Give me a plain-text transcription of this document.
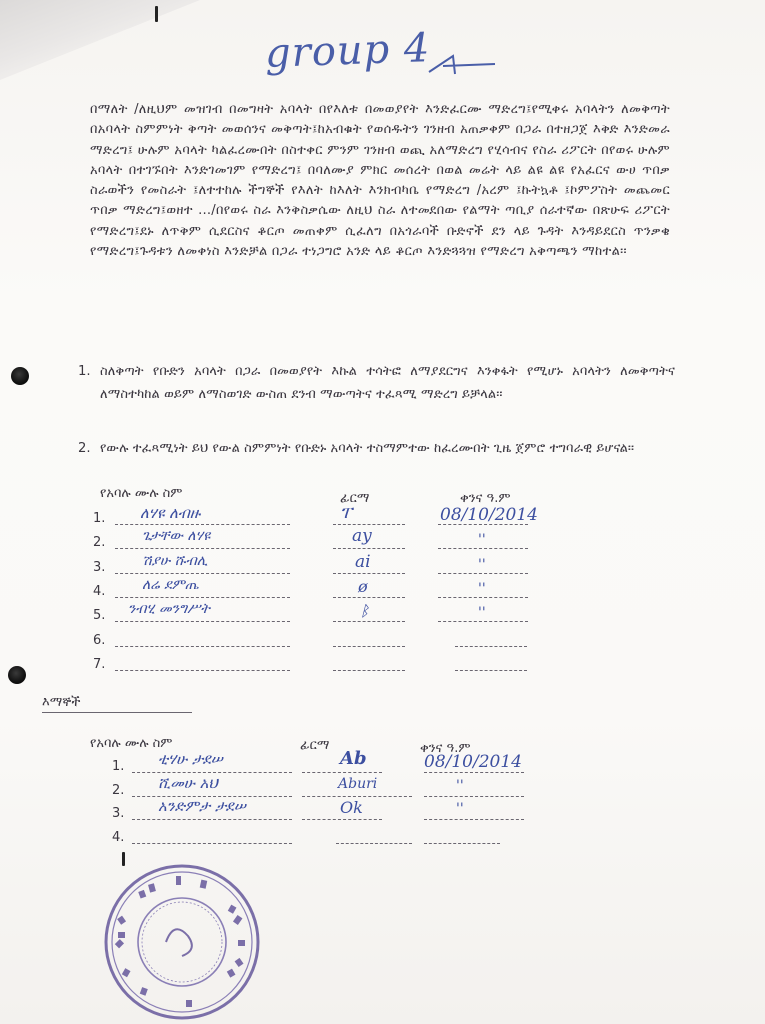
group 4
በማለት /ለዚህም መዝገብ በመግዛት አባላት በየእለቱ በመወያየት እንድፈርሙ ማድረግ፤የሚቀሩ አባላትን ለመቅጣት በአባላት ስምምነት ቅጣት መወሰንና መቅጣት፤ከአብቁት የወሰዱትን ገንዘብ አጠቃቀም በጋራ በተዘጋጀ እቅድ እንድመራ ማድረግ፤ ሁሉም አባላት ካልፈረሙበት በስተቀር ምንም ገንዘብ ወጪ አለማድረግ የሂሳብና የስራ ሪፖርት በየወሩ ሁሉም አባላት በተገኙበት እንድገመገም የማድረግ፤ በባለሙያ ምክር መሰረት በወል መሬት ላይ ልዩ ልዩ የአፈርና ውሀ ጥበቃ ስራወችን የመስራት ፤ለተተከሉ ችግኞች የእለት ከእለት እንክብካቤ የማድረግ /አረም ፤ኩትኳቶ ፤ኮምፖስት መጨመር ጥበቃ ማድረግ፤ወዘተ .../በየወሩ ስራ እንቅስቃሴው ለዚህ ስራ ለተመደበው የልማት ጣቢያ ሰራተኛው በጽሁፍ ሪፖርት የማድረግ፤ደኑ ለጥቅም ሲደርስና ቆርጦ መጠቀም ሲፈለግ በአጎራባች ቡድኖች ደን ላይ ጉዳት እንዳይደርስ ጥንቃቄ የማድረግ፤ጉዳቱን ለመቀነስ እንድቻል በጋራ ተነጋግሮ አንድ ላይ ቆርጦ እንድጓጓዝ የማድረግ አቅጣጫን ማከተል፡፡
1. ስለቅጣት የቡድን አባላት በጋራ በመወያየት እኩል ተሳትፎ ለማያደርግና እንቀፋት የሚሆኑ አባላትን ለመቅጣትና ለማስተካከል ወይም ለማስወገድ ውስጠ ደንብ ማውጣትና ተፈጻሚ ማድረግ ይቻላል፡፡
2. የውሉ ተፈጻሚነት ይህ የውል ስምምነት የቡድኑ አባላት ተስማምተው ከፈረሙበት ጊዜ ጀምሮ ተግባራዊ ይሆናል፡፡
የአባሉ ሙሉ ስም	ፊርማ	ቀንና ዓ.ም
1. ለሃዩ ለብዙ	ፐ	08/10/2014
2.	ጌታቸው ለሃዩ	ay	''
3.	ሽያሁ ሹብሊ	ai	''
4.	ለሬ ደምጤ	ø	''
5. ንብሂ መንግሥት	ᛒ	''
6.
7.
እማኞች
የአባሉ ሙሉ ስም	ፊርማ	ቀንና ዓ.ም
1. ቲሃሁ ታደሠ	Ab	08/10/2014
2. ሺመሁ አህ	Aburi	''
3. አንድምታ ታደሠ	Ok	''
4.
